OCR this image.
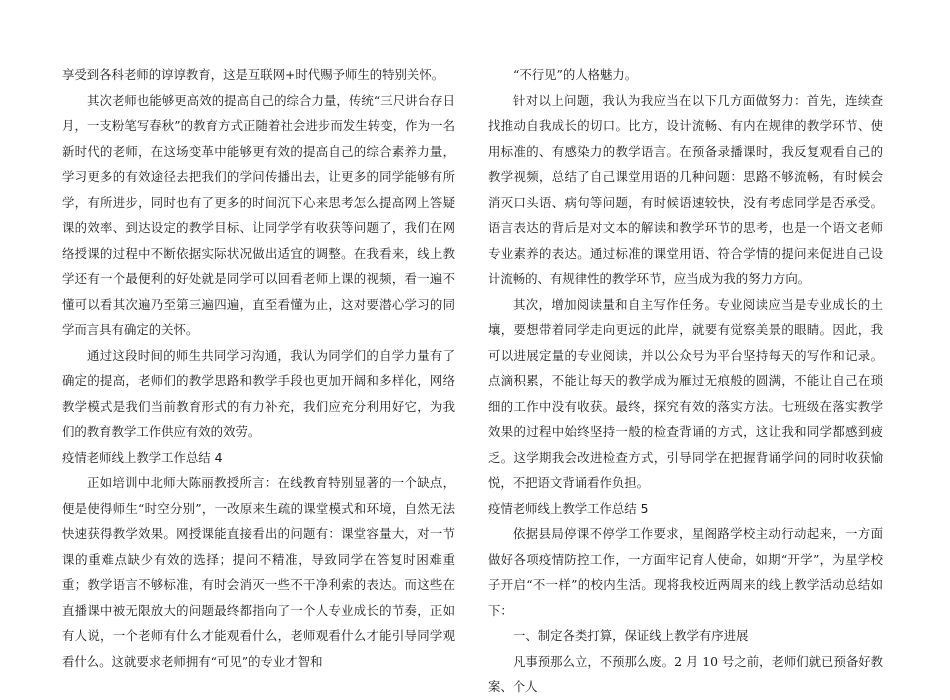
享受到各科老师的谆谆教育，这是互联网+时代赐予师生的特别关怀。

其次老师也能够更高效的提高自己的综合力量，传统“三尺讲台存日月，一支粉笔写春秋”的教育方式正随着社会进步而发生转变，作为一名新时代的老师，在这场变革中能够更有效的提高自己的综合素养力量，学习更多的有效途径去把我们的学问传播出去，让更多的同学能够有所学，有所进步，同时也有了更多的时间沉下心来思考怎么提高网上答疑课的效率、到达设定的教学目标、让同学学有收获等问题了，我们在网络授课的过程中不断依据实际状况做出适宜的调整。在我看来，线上教学还有一个最便利的好处就是同学可以回看老师上课的视频，看一遍不懂可以看其次遍乃至第三遍四遍，直至看懂为止，这对要潜心学习的同学而言具有确定的关怀。

通过这段时间的师生共同学习沟通，我认为同学们的自学力量有了确定的提高，老师们的教学思路和教学手段也更加开阔和多样化，网络教学模式是我们当前教育形式的有力补充，我们应充分利用好它，为我们的教育教学工作供应有效的效劳。

疫情老师线上教学工作总结 4

正如培训中北师大陈丽教授所言：在线教育特别显著的一个缺点，便是使得师生“时空分别”，一改原来生疏的课堂模式和环境，自然无法快速获得教学效果。网授课能直接看出的问题有：课堂容量大，对一节课的重难点缺少有效的选择；提问不精准，导致同学在答复时困难重重；教学语言不够标准，有时会消灭一些不干净利索的表达。而这些在直播课中被无限放大的问题最终都指向了一个人专业成长的节奏，正如有人说，一个老师有什么才能观看什么，老师观看什么才能引导同学观看什么。这就要求老师拥有“可见”的专业才智和

“不行见”的人格魅力。

针对以上问题，我认为我应当在以下几方面做努力：首先，连续查找推动自我成长的切口。比方，设计流畅、有内在规律的教学环节、使用标准的、有感染力的教学语言。在预备录播课时，我反复观看自己的教学视频，总结了自己课堂用语的几种问题：思路不够流畅，有时候会消灭口头语、病句等问题，有时候语速较快，没有考虑同学是否承受。语言表达的背后是对文本的解读和教学环节的思考，也是一个语文老师专业素养的表达。通过标准的课堂用语、符合学情的提问来促进自己设计流畅的、有规律性的教学环节，应当成为我的努力方向。

其次，增加阅读量和自主写作任务。专业阅读应当是专业成长的土壤，要想带着同学走向更远的此岸，就要有觉察美景的眼睛。因此，我可以进展定量的专业阅读，并以公众号为平台坚持每天的写作和记录。点滴积累，不能让每天的教学成为雁过无痕般的圆满，不能让自己在琐细的工作中没有收获。最终，探究有效的落实方法。七班级在落实教学效果的过程中始终坚持一般的检查背诵的方式，这让我和同学都感到疲乏。这学期我会改进检查方式，引导同学在把握背诵学问的同时收获愉悦，不把语文背诵看作负担。

疫情老师线上教学工作总结 5

依据县局停课不停学工作要求，星阁路学校主动行动起来，一方面做好各项疫情防控工作，一方面牢记育人使命，如期“开学”，为星学校子开启“不一样”的校内生活。现将我校近两周来的线上教学活动总结如下：

一、制定各类打算，保证线上教学有序进展

凡事预那么立，不预那么废。2 月 10 号之前，老师们就已预备好教案、个人
